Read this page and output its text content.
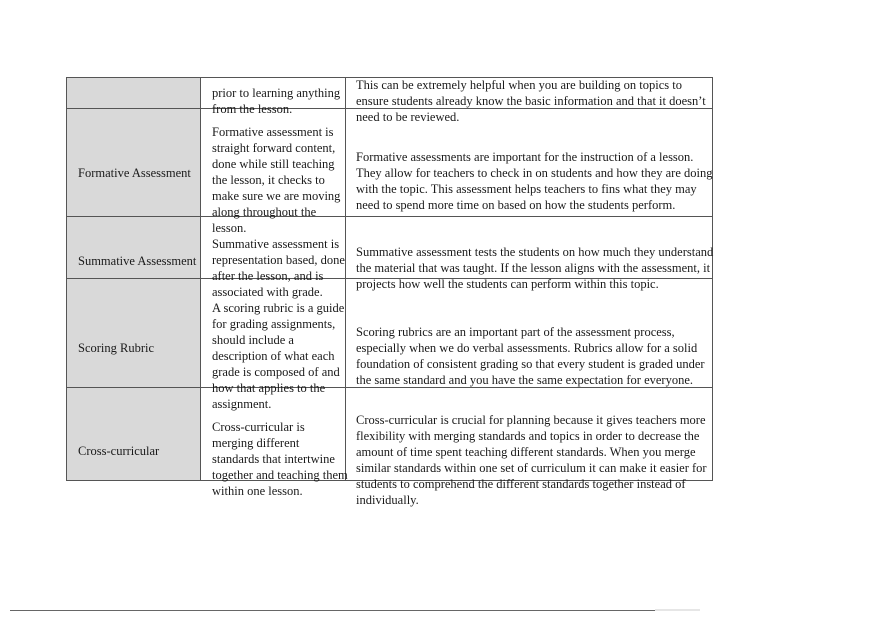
prior to learning anything from the lesson.
This can be extremely helpful when you are building on topics to ensure students already know the basic information and that it doesn’t need to be reviewed.
Formative Assessment
Formative assessment is straight forward content, done while still teaching the lesson, it checks to make sure we are moving along throughout the lesson.
Formative assessments are important for the instruction of a lesson. They allow for teachers to check in on students and how they are doing with the topic. This assessment helps teachers to fins what they may need to spend more time on based on how the students perform.
Summative Assessment
Summative assessment is representation based, done after the lesson, and is associated with grade.
Summative assessment tests the students on how much they understand the material that was taught. If the lesson aligns with the assessment, it projects how well the students can perform within this topic.
Scoring Rubric
A scoring rubric is a guide for grading assignments, should include a description of what each grade is composed of and how that applies to the assignment.
Scoring rubrics are an important part of the assessment process, especially when we do verbal assessments. Rubrics allow for a solid foundation of consistent grading so that every student is graded under the same standard and you have the same expectation for everyone.
Cross-curricular
Cross-curricular is merging different standards that intertwine together and teaching them within one lesson.
Cross-curricular is crucial for planning because it gives teachers more flexibility with merging standards and topics in order to decrease the amount of time spent teaching different standards. When you merge similar standards within one set of curriculum it can make it easier for students to comprehend the different standards together instead of individually.
